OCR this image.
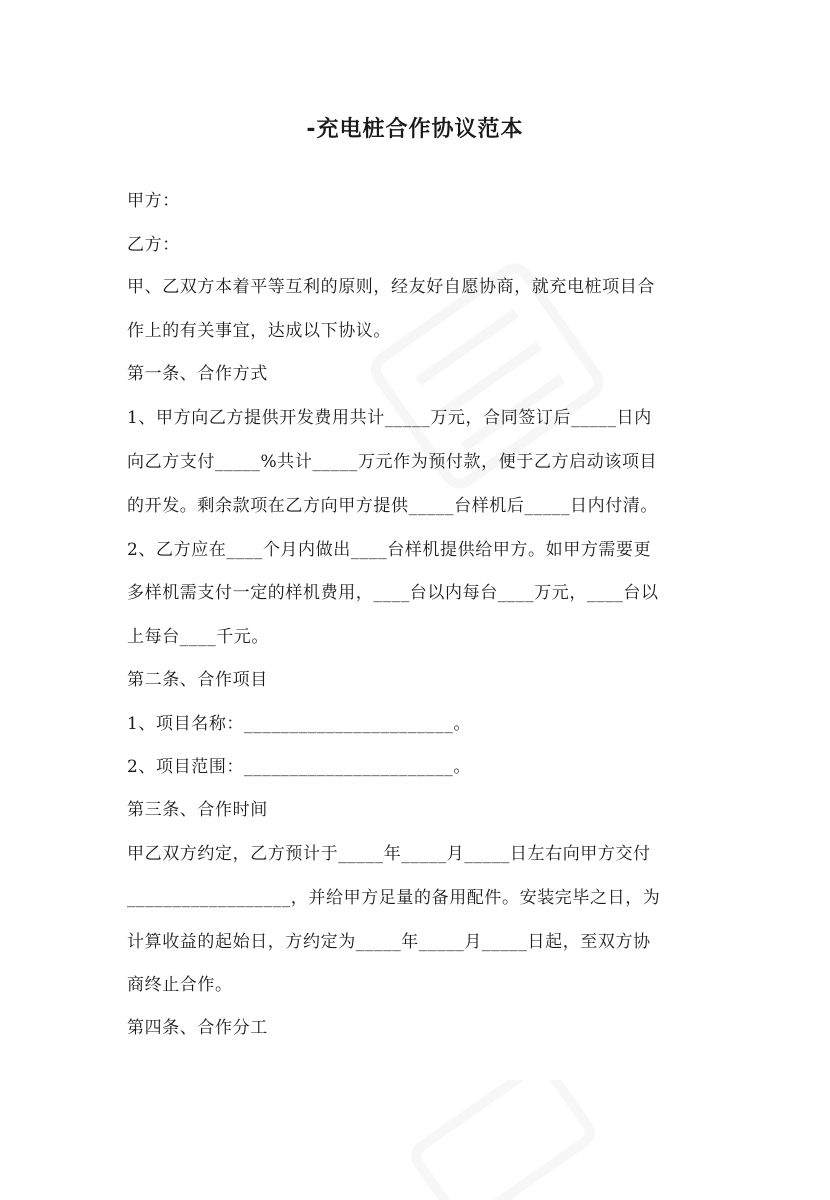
-充电桩合作协议范本
甲方：
乙方：
甲、乙双方本着平等互利的原则，经友好自愿协商，就充电桩项目合
作上的有关事宜，达成以下协议。
第一条、合作方式
1、甲方向乙方提供开发费用共计_____万元，合同签订后_____日内
向乙方支付_____%共计_____万元作为预付款，便于乙方启动该项目
的开发。剩余款项在乙方向甲方提供_____台样机后_____日内付清。
2、乙方应在____个月内做出____台样机提供给甲方。如甲方需要更
多样机需支付一定的样机费用，____台以内每台____万元，____台以
上每台____千元。
第二条、合作项目
1、项目名称：_______________________。
2、项目范围：_______________________。
第三条、合作时间
甲乙双方约定，乙方预计于_____年_____月_____日左右向甲方交付
__________________，并给甲方足量的备用配件。安装完毕之日，为
计算收益的起始日，方约定为_____年_____月_____日起，至双方协
商终止合作。
第四条、合作分工
